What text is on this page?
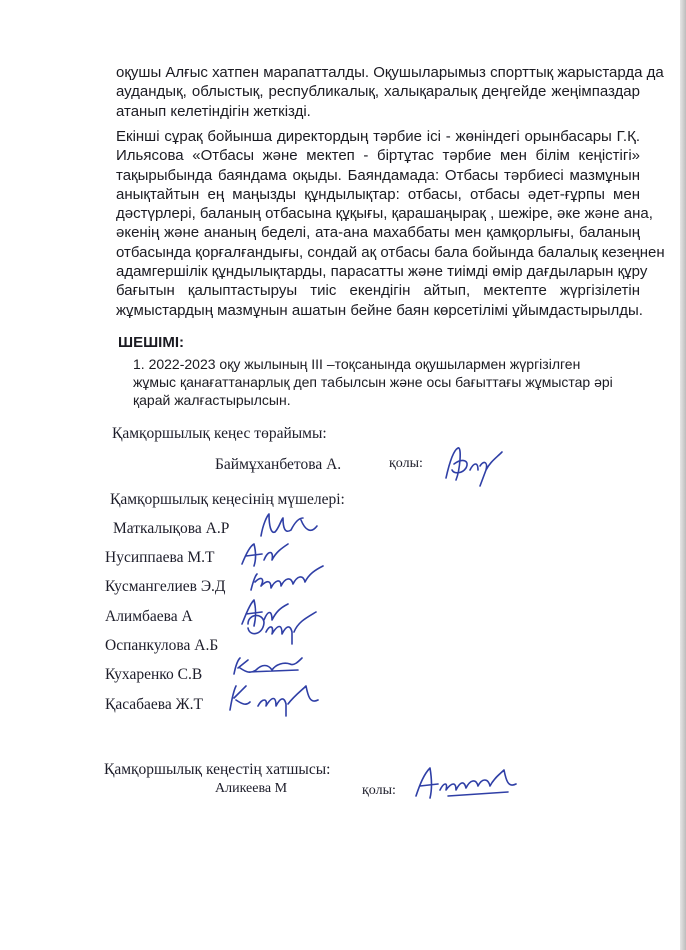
оқушы Алғыс хатпен марапатталды. Оқушыларымыз спорттық жарыстарда да
аудандық, облыстық, республикалық, халықаралық деңгейде жеңімпаздар
атанып келетіндігін жеткізді.
Екінші сұрақ бойынша директордың тәрбие ісі - жөніндегі орынбасары Г.Қ.
Ильясова «Отбасы және мектеп - біртұтас тәрбие мен білім кеңістігі»
тақырыбында баяндама оқыды. Баяндамада: Отбасы тәрбиесі мазмұнын
анықтайтын ең маңызды құндылықтар: отбасы, отбасы әдет-ғұрпы мен
дәстүрлері, баланың отбасына құқығы, қарашаңырақ , шежіре, әке және ана,
әкенің және ананың беделі, ата-ана махаббаты мен қамқорлығы, баланың
отбасында қорғалғандығы, сондай ақ отбасы бала бойында балалық кезеңнен
адамгершілік құндылықтарды, парасатты және тиімді өмір дағдыларын құру
бағытын қалыптастыруы тиіс екендігін айтып, мектепте жүргізілетін
жұмыстардың мазмұнын ашатын бейне баян көрсетілімі ұйымдастырылды.

ШЕШІМІ:

1. 2022-2023 оқу жылының ІІІ –тоқсанында оқушылармен жүргізілген жұмыс қанағаттанарлық деп табылсын және осы бағыттағы жұмыстар әрі қарай жалғастырылсын.

Қамқоршылық кеңес төрайымы:
Баймұханбетова А.	қолы:
Қамқоршылық кеңесінің мүшелері:
Маткалықова А.Р
Нусиппаева М.Т
Кусмангелиев Э.Д
Алимбаева А
Оспанкулова А.Б
Кухаренко С.В
Қасабаева Ж.Т
Қамқоршылық кеңестің хатшысы:
Аликеева М	қолы:
